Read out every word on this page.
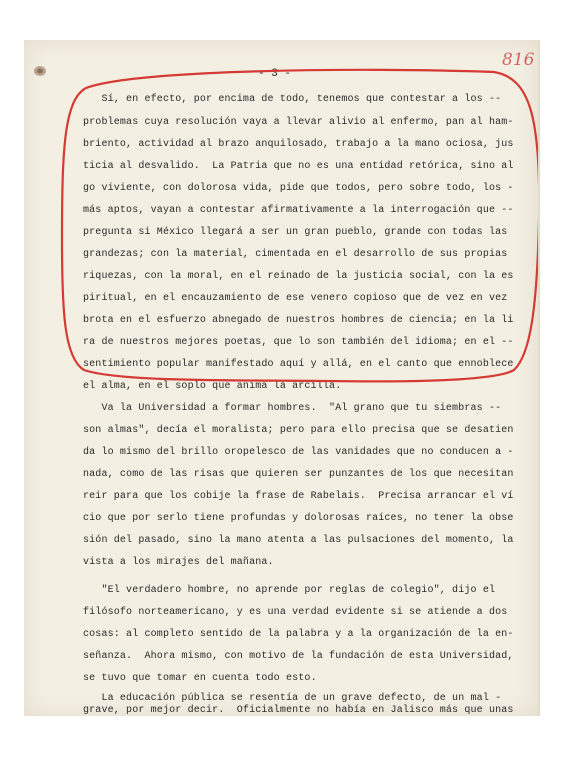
816

- 3 -

Sí, en efecto, por encima de todo, tenemos que contestar a los --

problemas cuya resolución vaya a llevar alivio al enfermo, pan al ham-

briento, actividad al brazo anquilosado, trabajo a la mano ociosa, jus

ticia al desvalido.  La Patria que no es una entidad retórica, sino al

go viviente, con dolorosa vida, pide que todos, pero sobre todo, los -

más aptos, vayan a contestar afirmativamente a la interrogación que --

pregunta si México llegará a ser un gran pueblo, grande con todas las

grandezas; con la material, cimentada en el desarrollo de sus propias

riquezas, con la moral, en el reinado de la justicia social, con la es

piritual, en el encauzamiento de ese venero copioso que de vez en vez

brota en el esfuerzo abnegado de nuestros hombres de ciencia; en la li

ra de nuestros mejores poetas, que lo son también del idioma; en el --

sentimiento popular manifestado aquí y allá, en el canto que ennoblece

el alma, en el soplo que anima la arcilla.

Va la Universidad a formar hombres.  "Al grano que tu siembras --

son almas", decía el moralista; pero para ello precisa que se desatien

da lo mismo del brillo oropelesco de las vanidades que no conducen a -

nada, como de las risas que quieren ser punzantes de los que necesitan

reir para que los cobije la frase de Rabelais.  Precisa arrancar el ví

cio que por serlo tiene profundas y dolorosas raíces, no tener la obse

sión del pasado, sino la mano atenta a las pulsaciones del momento, la

vista a los mirajes del mañana.

"El verdadero hombre, no aprende por reglas de colegio", dijo el

filósofo norteamericano, y es una verdad evidente si se atiende a dos

cosas: al completo sentido de la palabra y a la organización de la en-

señanza.  Ahora mismo, con motivo de la fundación de esta Universidad,

se tuvo que tomar en cuenta todo esto.

La educación pública se resentía de un grave defecto, de un mal -

grave, por mejor decir.  Oficialmente no había en Jalisco más que unas
